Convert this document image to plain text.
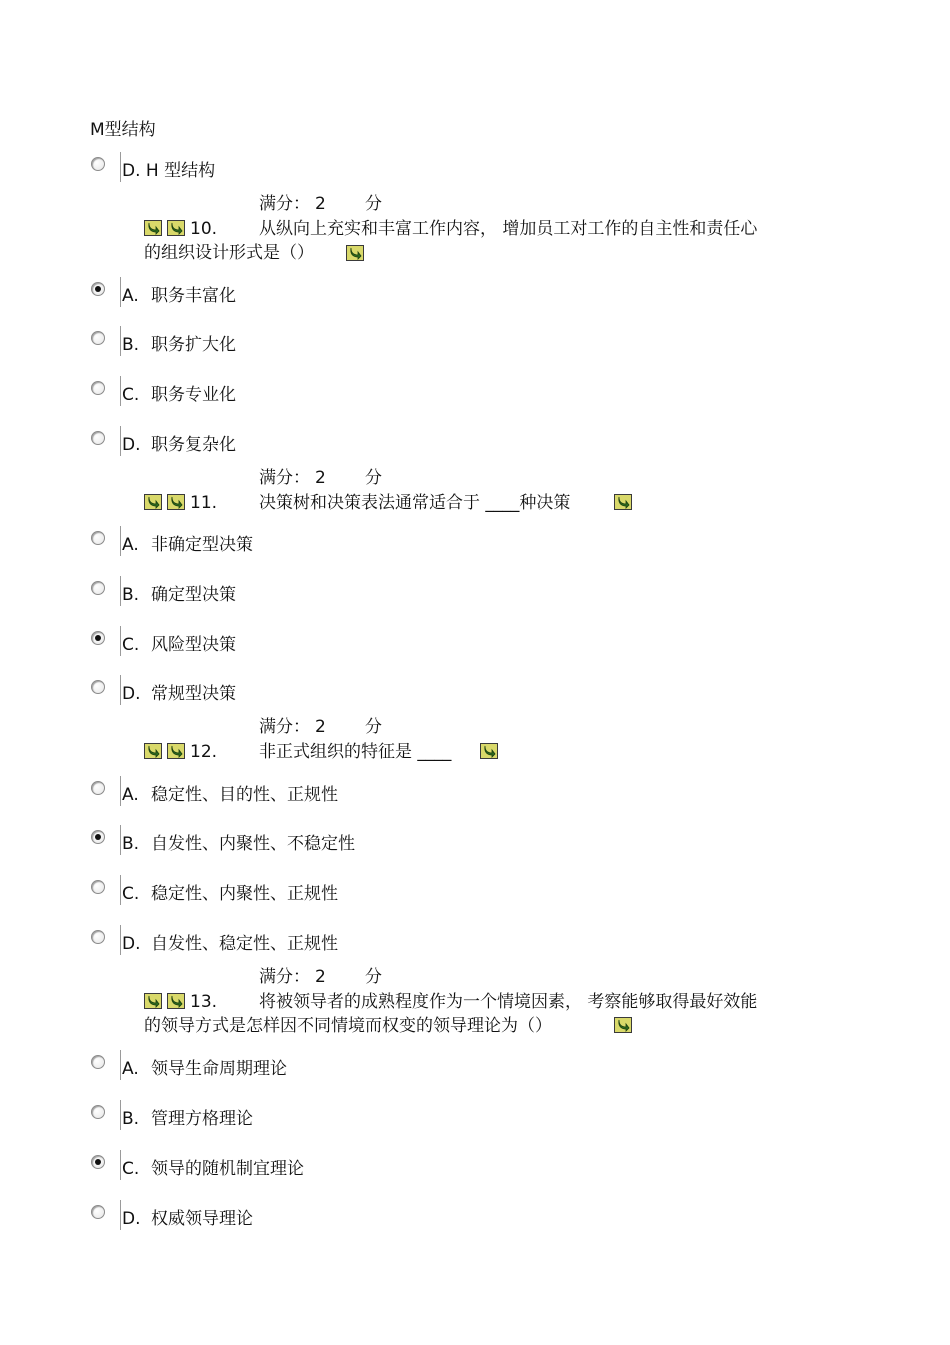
M型结构
D. H 型结构
满分： 2 分
10. 从纵向上充实和丰富工作内容， 增加员工对工作的自主性和责任心
的组织设计形式是（）
A. 职务丰富化
B. 职务扩大化
C. 职务专业化
D. 职务复杂化
满分： 2 分
11. 决策树和决策表法通常适合于 ____种决策
A. 非确定型决策
B. 确定型决策
C. 风险型决策
D. 常规型决策
满分： 2 分
12. 非正式组织的特征是 ____
A. 稳定性、目的性、正规性
B. 自发性、内聚性、不稳定性
C. 稳定性、内聚性、正规性
D. 自发性、稳定性、正规性
满分： 2 分
13. 将被领导者的成熟程度作为一个情境因素， 考察能够取得最好效能
的领导方式是怎样因不同情境而权变的领导理论为（）
A. 领导生命周期理论
B. 管理方格理论
C. 领导的随机制宜理论
D. 权威领导理论
